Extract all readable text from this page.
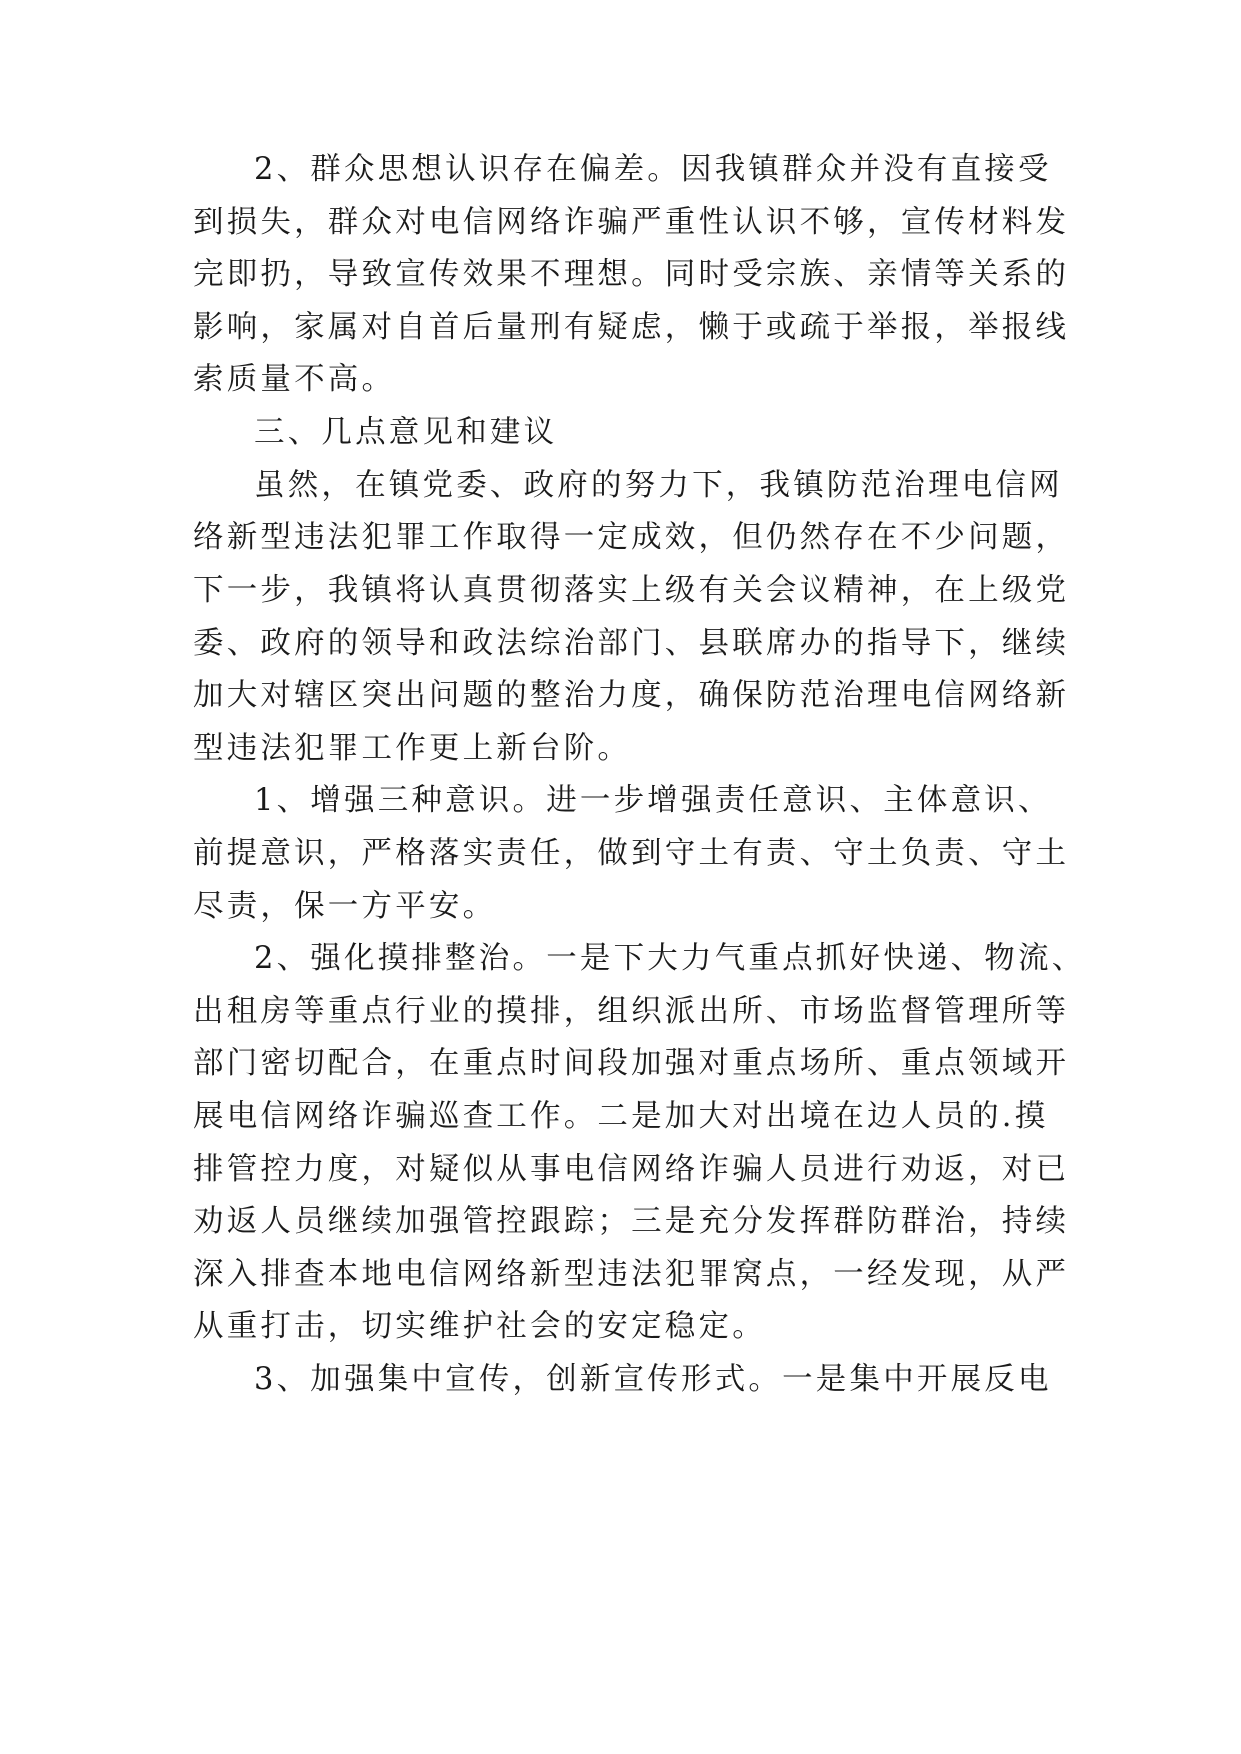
2、群众思想认识存在偏差。因我镇群众并没有直接受

到损失，群众对电信网络诈骗严重性认识不够，宣传材料发

完即扔，导致宣传效果不理想。同时受宗族、亲情等关系的

影响，家属对自首后量刑有疑虑，懒于或疏于举报，举报线

索质量不高。

三、几点意见和建议

虽然，在镇党委、政府的努力下，我镇防范治理电信网

络新型违法犯罪工作取得一定成效，但仍然存在不少问题，

下一步，我镇将认真贯彻落实上级有关会议精神，在上级党

委、政府的领导和政法综治部门、县联席办的指导下，继续

加大对辖区突出问题的整治力度，确保防范治理电信网络新

型违法犯罪工作更上新台阶。

1、增强三种意识。进一步增强责任意识、主体意识、

前提意识，严格落实责任，做到守土有责、守土负责、守土

尽责，保一方平安。

2、强化摸排整治。一是下大力气重点抓好快递、物流、

出租房等重点行业的摸排，组织派出所、市场监督管理所等

部门密切配合，在重点时间段加强对重点场所、重点领域开

展电信网络诈骗巡查工作。二是加大对出境在边人员的.摸

排管控力度，对疑似从事电信网络诈骗人员进行劝返，对已

劝返人员继续加强管控跟踪；三是充分发挥群防群治，持续

深入排查本地电信网络新型违法犯罪窝点，一经发现，从严

从重打击，切实维护社会的安定稳定。

3、加强集中宣传，创新宣传形式。一是集中开展反电
